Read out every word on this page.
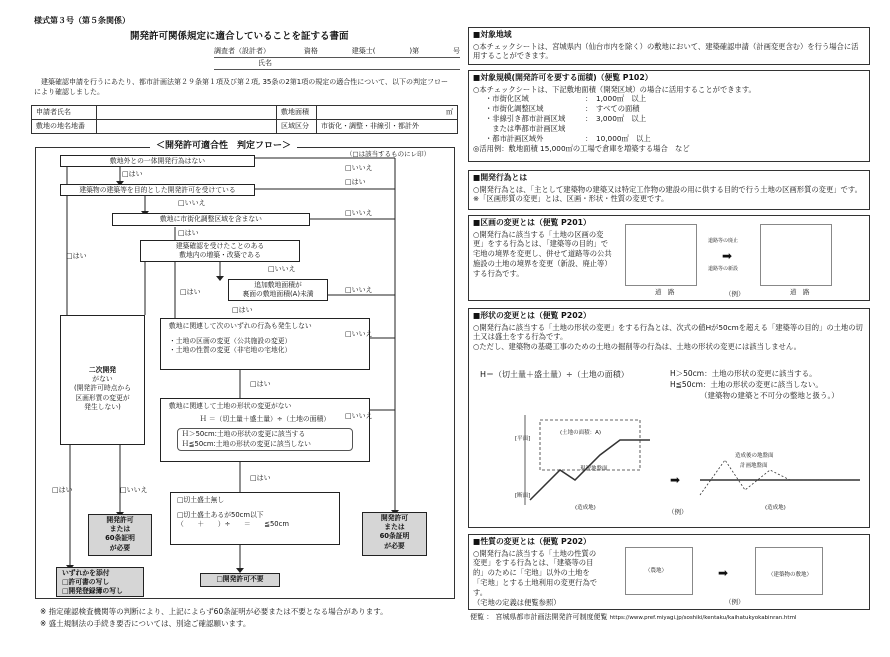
様式第３号（第５条関係）
開発許可関係規定に適合していることを証する書面
調査者（設計者）	資格	建築士(	)第	号
氏名
　建築確認申請を行うにあたり、都市計画法第２９条第１項及び第２項, 35条の2第1項の規定の適合性について、以下の判定フローにより確認しました。
申請者氏名		敷地面積	㎡
敷地の地名地番		区域区分	市街化・調整・非線引・都計外
＜開発許可適合性　判定フロー＞
（□は該当するものにレ印）
敷地外との一体開発行為はない
□はい
□いいえ
建築物の建築等を目的とした開発許可を受けている
□いいえ
□はい
敷地に市街化調整区域を含まない
□はい
□いいえ
建築確認を受けたことのある
敷地内の増築・改築である
□いいえ
□はい
追加敷地面積が
裏面の敷地面積(A)未満
□はい
□いいえ
敷地に関連して次のいずれの行為も発生しない
・土地の区画の変更（公共施設の変更）
・土地の性質の変更（非宅地の宅地化）
□はい
□いいえ
敷地に関連して土地の形状の変更がない
Ｈ ＝（切土量＋盛土量）÷（土地の面積）
Ｈ＞50cm:土地の形状の変更に該当する
Ｈ≦50cm:土地の形状の変更に該当しない
□はい
□いいえ
□切土盛土無し
□切土盛土あるが50cm以下
（　　＋　　）÷　　＝　　≦50cm
二次開発
がない
(開発許可時点から
区画形質の変更が
発生しない)
□はい
□はい	□いいえ
開発許可
または
60条証明
が必要
開発許可
または
60条証明
が必要
いずれかを添付
□許可書の写し
□開発登録簿の写し
□開発許可不要
※ 指定確認検査機関等の判断により、上記によらず60条証明が必要または不要となる場合があります。
※ 盛土規制法の手続き要否については、別途ご確認願います。
■対象地域
○本チェックシートは、宮城県内（仙台市内を除く）の敷地において、建築確認申請（計画変更含む）を行う場合に活用することができます。
■対象規模(開発許可を要する面積)（便覧 P102）
○本チェックシートは、下記敷地面積（開発区域）の場合に活用することができます。
・市街化区域	：　1,000㎡　以上
・市街化調整区域	：　すべての面積
・非線引き都市計画区域	：　3,000㎡　以上
　または準都市計画区域
・都市計画区域外	：　10,000㎡　以上
◎活用例：敷地面積 15,000㎡の工場で倉庫を増築する場合　など
■開発行為とは
○開発行為とは、「主として建築物の建築又は特定工作物の建設の用に供する目的で行う土地の区画形質の変更」です。　※「区画形質の変更」とは、区画・形状・性質の変更です。
■区画の変更とは（便覧 P201）
○開発行為に該当する「土地の区画の変更」をする行為とは、「建築等の目的」で宅地の境界を変更し、併せて道路等の公共施設の土地の境界を変更（新設、廃止等）する行為です。
道　路	道　路
道路等の廃止
道路等の新設
➡
（例）
■形状の変更とは（便覧 P202）
○開発行為に該当する「土地の形状の変更」をする行為とは、次式の値Hが50cmを超える「建築等の目的」の土地の切土又は盛土をする行為です。
○ただし、建築物の基礎工事のための土地の掘削等の行為は、土地の形状の変更には該当しません。
H＝（切土量＋盛土量）÷（土地の面積）	H＞50cm：土地の形状の変更に該当する。
H≦50cm：土地の形状の変更に該当しない。
（建築物の建築と不可分の整地と扱う。）
(土地の面積：A)
[平面]
[断面]
現況地盤面	計画地盤面
造成後の地盤面
(造成地)	(造成地)
➡
（例）
■性質の変更とは（便覧 P202）
○開発行為に該当する「土地の性質の変更」をする行為とは、「建築等の目的」のために「宅地」以外の土地を「宅地」とする土地利用の変更行為です。
（宅地の定義は便覧参照）
（農地）
（建築物の敷地）
➡
（例）
便覧 ： 宮城県都市計画法開発許可制度便覧 https://www.pref.miyagi.jp/soshiki/kentaku/kaihatukyokabinran.html
